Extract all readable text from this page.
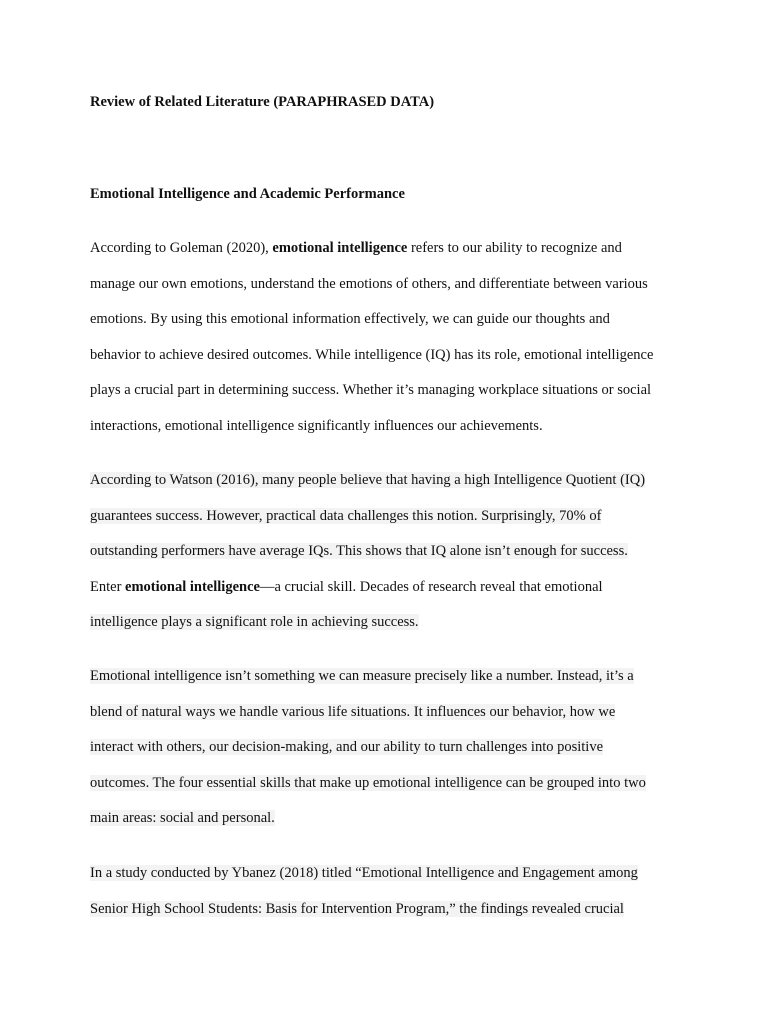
Review of Related Literature (PARAPHRASED DATA)
Emotional Intelligence and Academic Performance
According to Goleman (2020), emotional intelligence refers to our ability to recognize and
manage our own emotions, understand the emotions of others, and differentiate between various
emotions. By using this emotional information effectively, we can guide our thoughts and
behavior to achieve desired outcomes. While intelligence (IQ) has its role, emotional intelligence
plays a crucial part in determining success. Whether it’s managing workplace situations or social
interactions, emotional intelligence significantly influences our achievements.
According to Watson (2016), many people believe that having a high Intelligence Quotient (IQ)
guarantees success. However, practical data challenges this notion. Surprisingly, 70% of
outstanding performers have average IQs. This shows that IQ alone isn’t enough for success.
Enter emotional intelligence—a crucial skill. Decades of research reveal that emotional
intelligence plays a significant role in achieving success.
Emotional intelligence isn’t something we can measure precisely like a number. Instead, it’s a
blend of natural ways we handle various life situations. It influences our behavior, how we
interact with others, our decision-making, and our ability to turn challenges into positive
outcomes. The four essential skills that make up emotional intelligence can be grouped into two
main areas: social and personal.
In a study conducted by Ybanez (2018) titled “Emotional Intelligence and Engagement among
Senior High School Students: Basis for Intervention Program,” the findings revealed crucial
